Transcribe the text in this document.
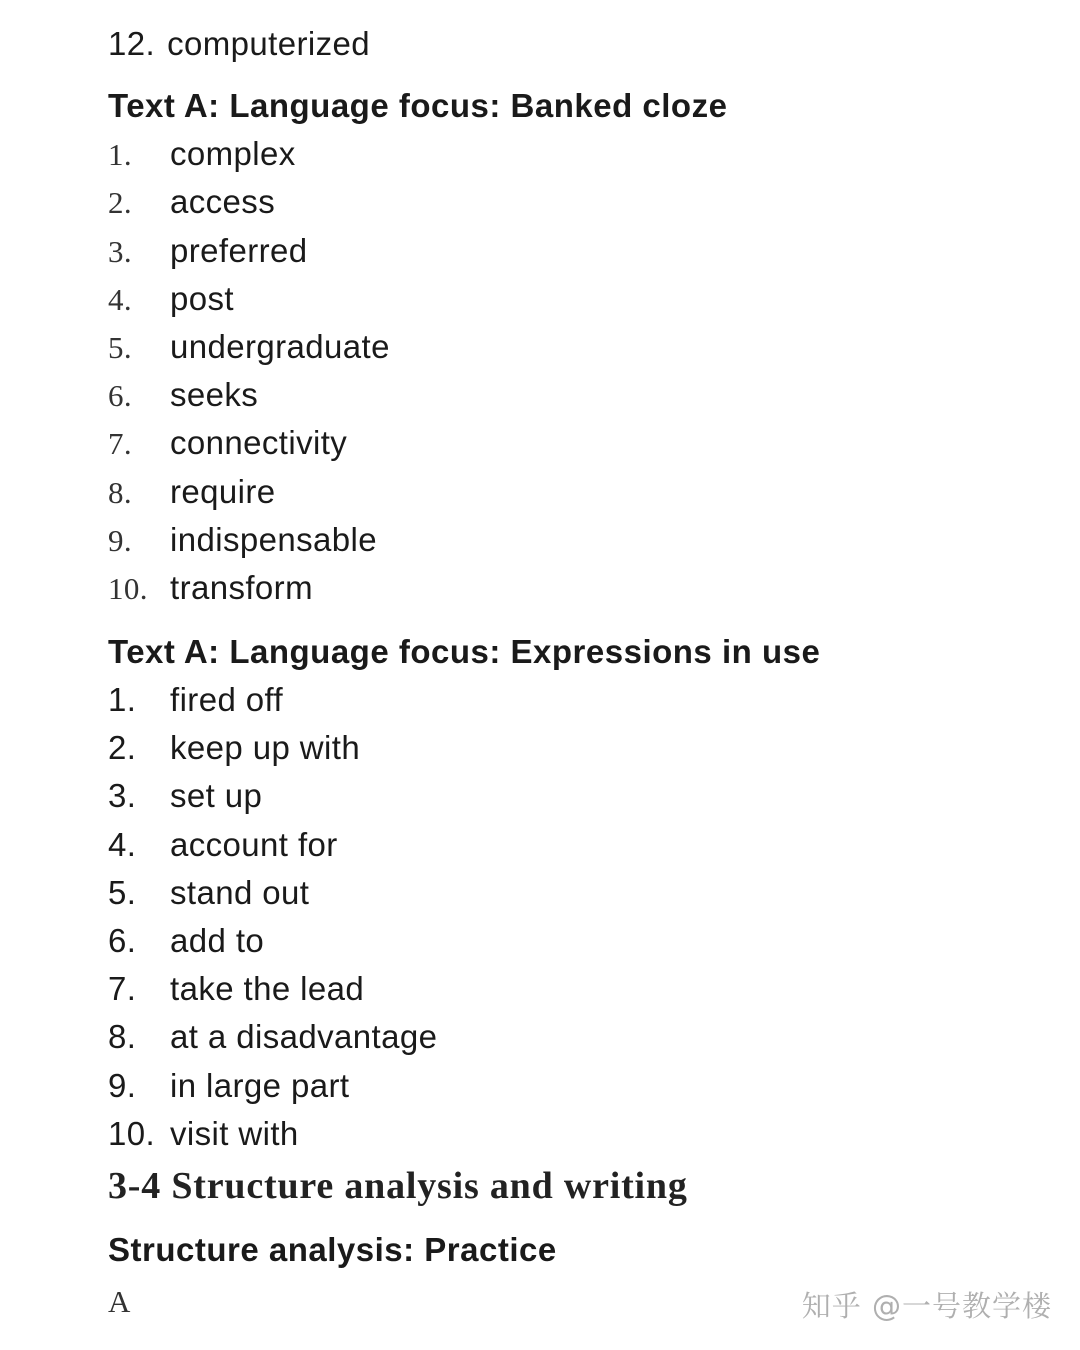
12. computerized
Text A: Language focus: Banked cloze
1.	complex
2.	access
3.	preferred
4.	post
5.	undergraduate
6.	seeks
7.	connectivity
8.	require
9.	indispensable
10. transform
Text A: Language focus: Expressions in use
1.	fired off
2.	keep up with
3.	set up
4.	account for
5.	stand out
6.	add to
7.	take the lead
8.	at a disadvantage
9.	in large part
10. visit with
3-4 Structure analysis and writing
Structure analysis: Practice
A	知乎 @一号教学楼
